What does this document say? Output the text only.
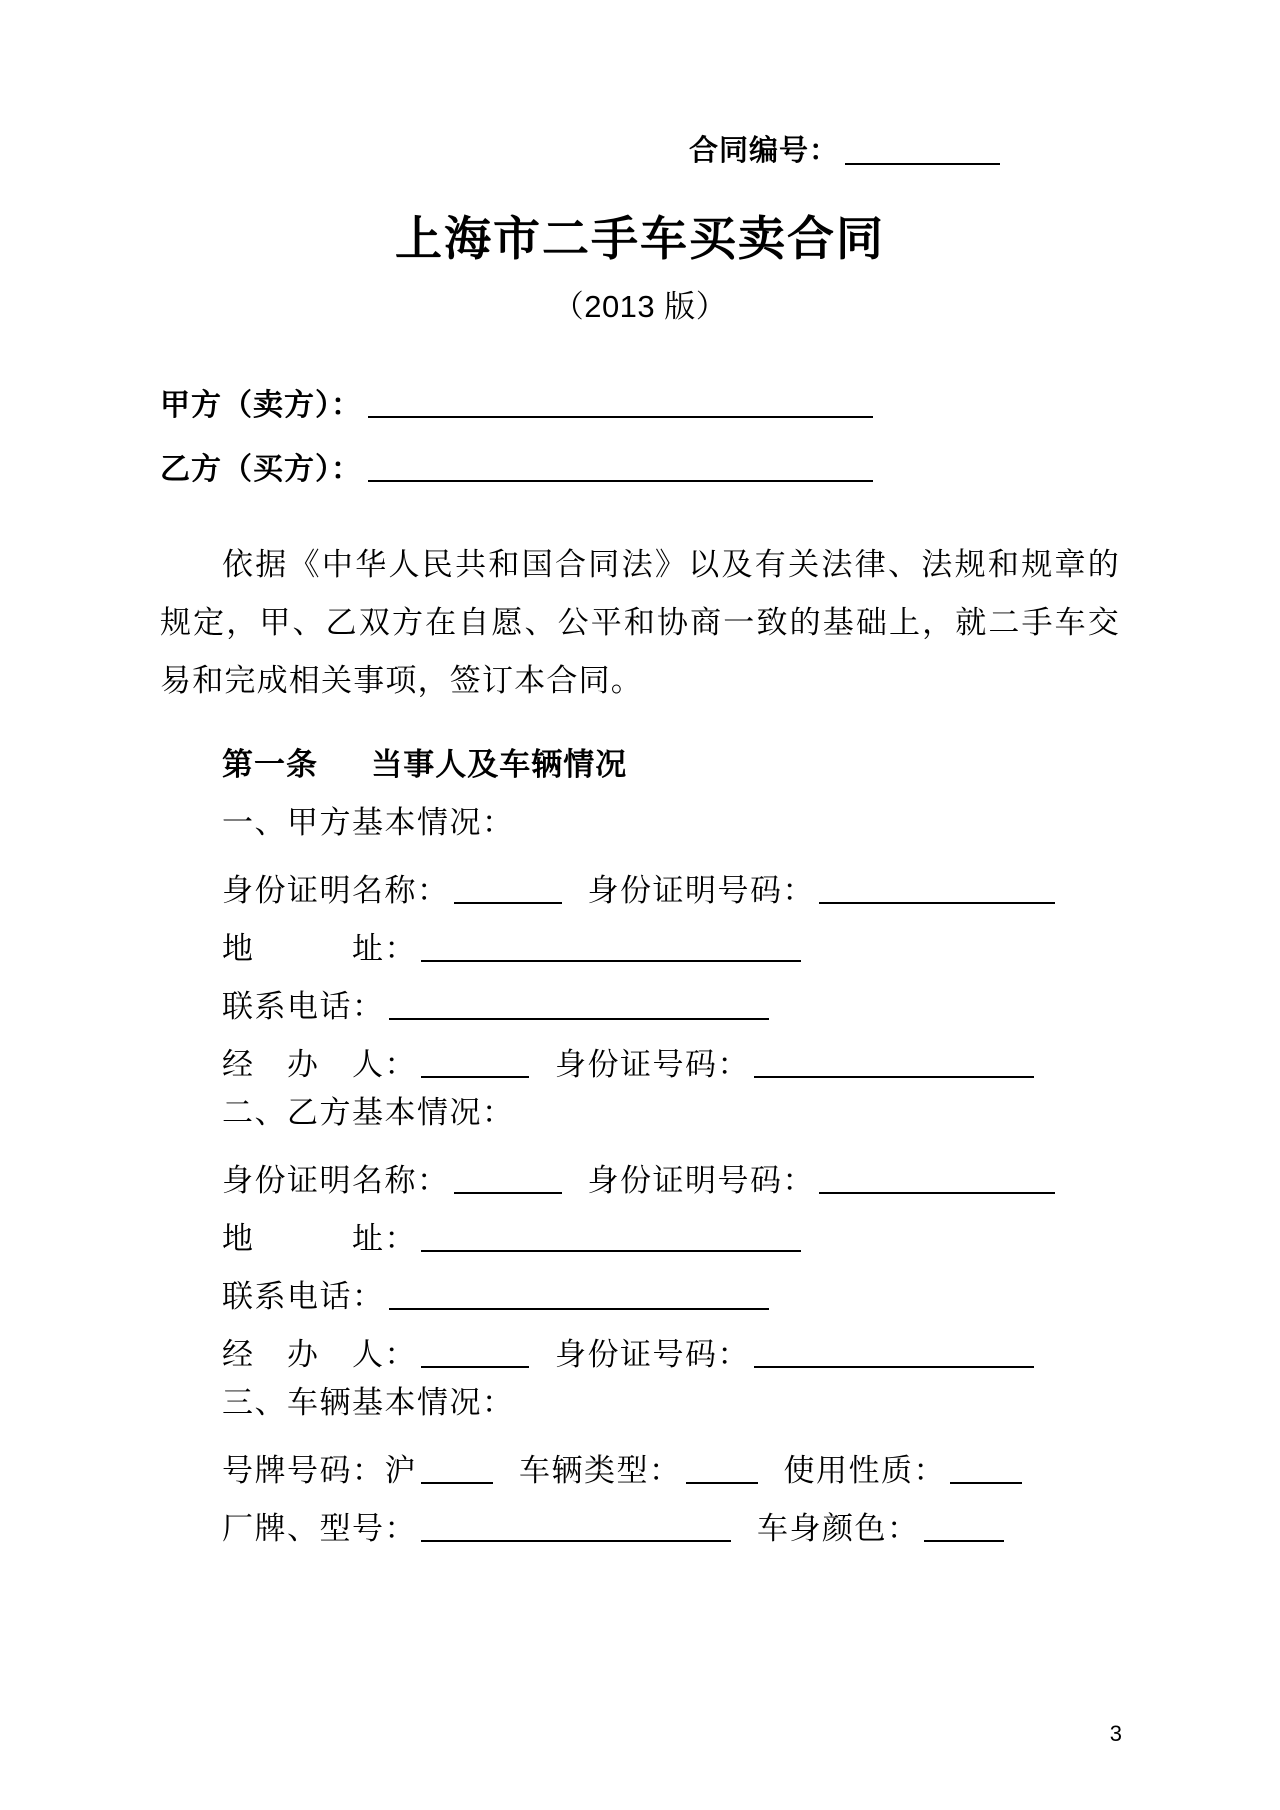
合同编号：
上海市二手车买卖合同
（2013 版）
甲方（卖方）：
乙方（买方）：
依据《中华人民共和国合同法》以及有关法律、法规和规章的规定，甲、乙双方在自愿、公平和协商一致的基础上，就二手车交易和完成相关事项，签订本合同。
第一条 当事人及车辆情况
一、甲方基本情况：
身份证明名称：	身份证明号码：
地　　　址：
联系电话：
经　办　人：	身份证号码：
二、乙方基本情况：
身份证明名称：	身份证明号码：
地　　　址：
联系电话：
经　办　人：	身份证号码：
三、车辆基本情况：
号牌号码：沪	车辆类型：	使用性质：
厂牌、型号：	车身颜色：
3
